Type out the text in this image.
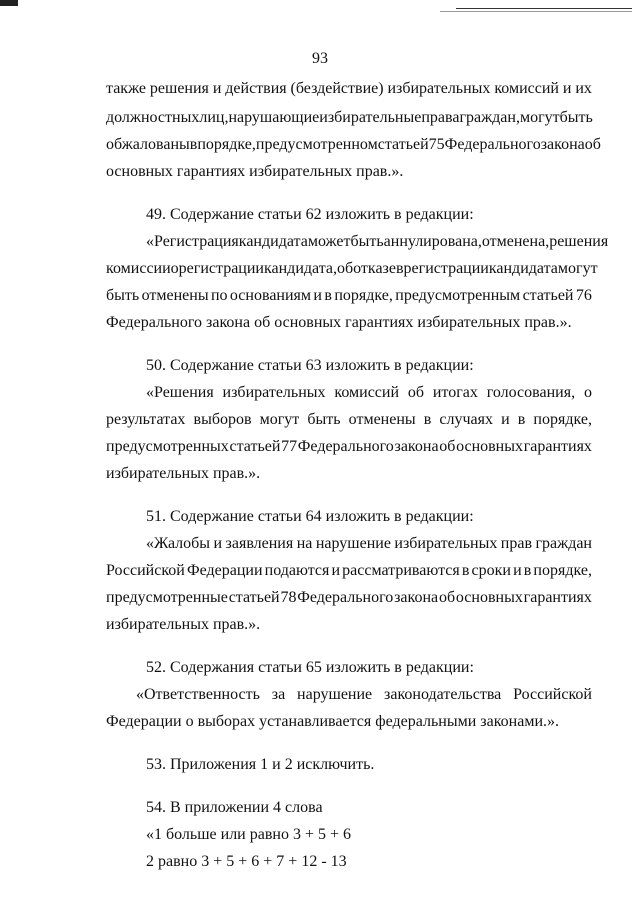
93
также решения и действия (бездействие) избирательных комиссий и их
должностных лиц, нарушающие избирательные права граждан, могут быть
обжалованы в порядке, предусмотренном статьей 75 Федерального закона об
основных гарантиях избирательных прав.».
49. Содержание статьи 62 изложить в редакции:
«Регистрация кандидата может быть аннулирована, отменена, решения
комиссии о регистрации кандидата, об отказе в регистрации кандидата могут
быть отменены по основаниям и в порядке, предусмотренным статьей 76
Федерального закона об основных гарантиях избирательных прав.».
50. Содержание статьи 63 изложить в редакции:
«Решения избирательных комиссий об итогах голосования, о
результатах выборов могут быть отменены в случаях и в порядке,
предусмотренных статьей 77 Федерального закона об основных гарантиях
избирательных прав.».
51. Содержание статьи 64 изложить в редакции:
«Жалобы и заявления на нарушение избирательных прав граждан
Российской Федерации подаются и рассматриваются в сроки и в порядке,
предусмотренные статьей 78 Федерального закона об основных гарантиях
избирательных прав.».
52. Содержания статьи 65 изложить в редакции:
«Ответственность за нарушение законодательства Российской
Федерации о выборах устанавливается федеральными законами.».
53. Приложения 1 и 2 исключить.
54. В приложении 4 слова
«1 больше или равно 3 + 5 + 6
2 равно 3 + 5 + 6 + 7 + 12 - 13
